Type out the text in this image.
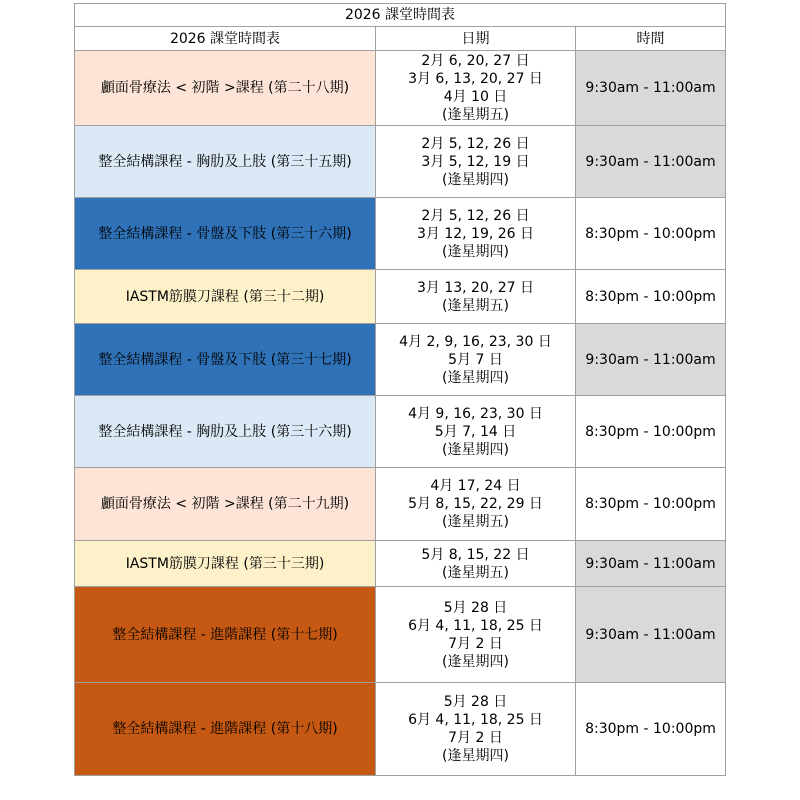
2026 課堂時間表		
2026 課堂時間表	日期	時間
顱面骨療法 < 初階 >課程 (第二十八期)	2月 6, 20, 27 日
3月 6, 13, 20, 27 日
4月 10 日
(逢星期五)	9:30am - 11:00am
整全結構課程 - 胸肋及上肢 (第三十五期)	2月 5, 12, 26 日
3月 5, 12, 19 日
(逢星期四)	9:30am - 11:00am
整全結構課程 - 骨盤及下肢 (第三十六期)	2月 5, 12, 26 日
3月 12, 19, 26 日
(逢星期四)	8:30pm - 10:00pm
IASTM筋膜刀課程 (第三十二期)	3月 13, 20, 27 日
(逢星期五)	8:30pm - 10:00pm
整全結構課程 - 骨盤及下肢 (第三十七期)	4月 2, 9, 16, 23, 30 日
5月 7 日
(逢星期四)	9:30am - 11:00am
整全結構課程 - 胸肋及上肢 (第三十六期)	4月 9, 16, 23, 30 日
5月 7, 14 日
(逢星期四)	8:30pm - 10:00pm
顱面骨療法 < 初階 >課程 (第二十九期)	4月 17, 24 日
5月 8, 15, 22, 29 日
(逢星期五)	8:30pm - 10:00pm
IASTM筋膜刀課程 (第三十三期)	5月 8, 15, 22 日
(逢星期五)	9:30am - 11:00am
整全結構課程 - 進階課程 (第十七期)	5月 28 日
6月 4, 11, 18, 25 日
7月 2 日
(逢星期四)	9:30am - 11:00am
整全結構課程 - 進階課程 (第十八期)	5月 28 日
6月 4, 11, 18, 25 日
7月 2 日
(逢星期四)	8:30pm - 10:00pm
